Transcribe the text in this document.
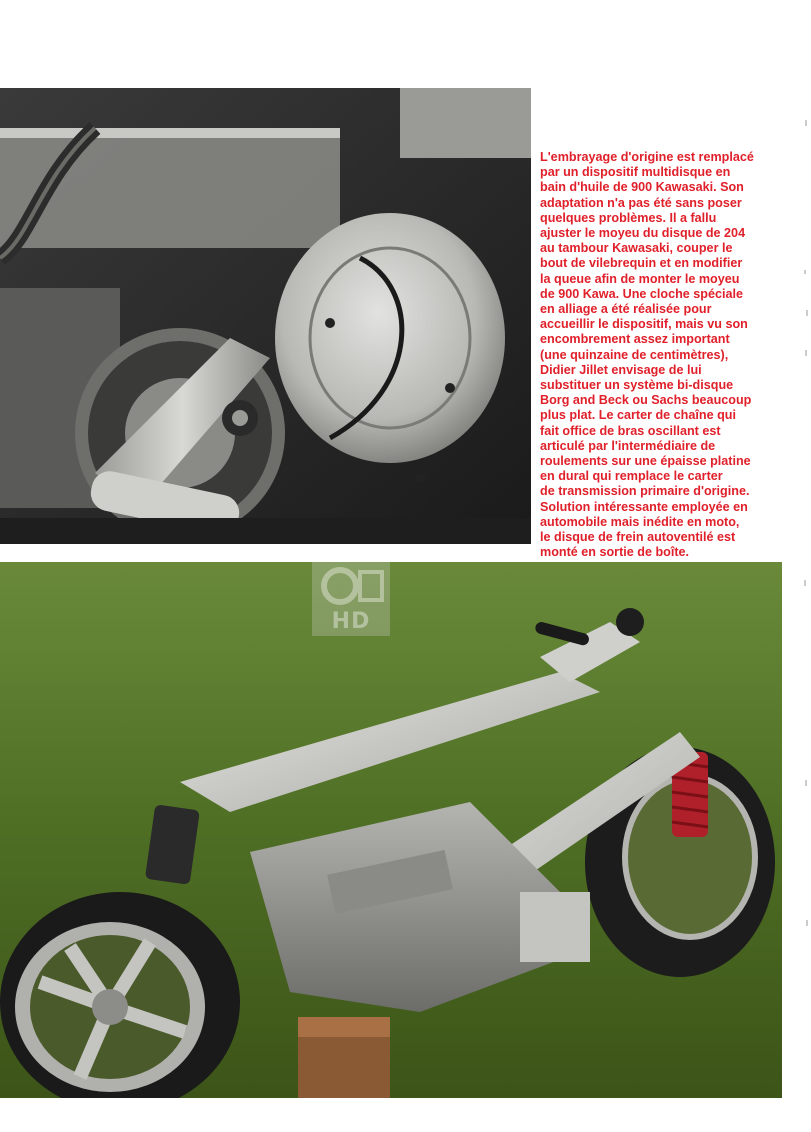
L'embrayage d'origine est remplacé
par un dispositif multidisque en
bain d'huile de 900 Kawasaki. Son
adaptation n'a pas été sans poser
quelques problèmes. Il a fallu
ajuster le moyeu du disque de 204
au tambour Kawasaki, couper le
bout de vilebrequin et en modifier
la queue afin de monter le moyeu
de 900 Kawa. Une cloche spéciale
en alliage a été réalisée pour
accueillir le dispositif, mais vu son
encombrement assez important
(une quinzaine de centimètres),
Didier Jillet envisage de lui
substituer un système bi-disque
Borg and Beck ou Sachs beaucoup
plus plat. Le carter de chaîne qui
fait office de bras oscillant est
articulé par l'intermédiaire de
roulements sur une épaisse platine
en dural qui remplace le carter
de transmission primaire d'origine.
Solution intéressante employée en
automobile mais inédite en moto,
le disque de frein autoventilé est
monté en sortie de boîte.

HD
